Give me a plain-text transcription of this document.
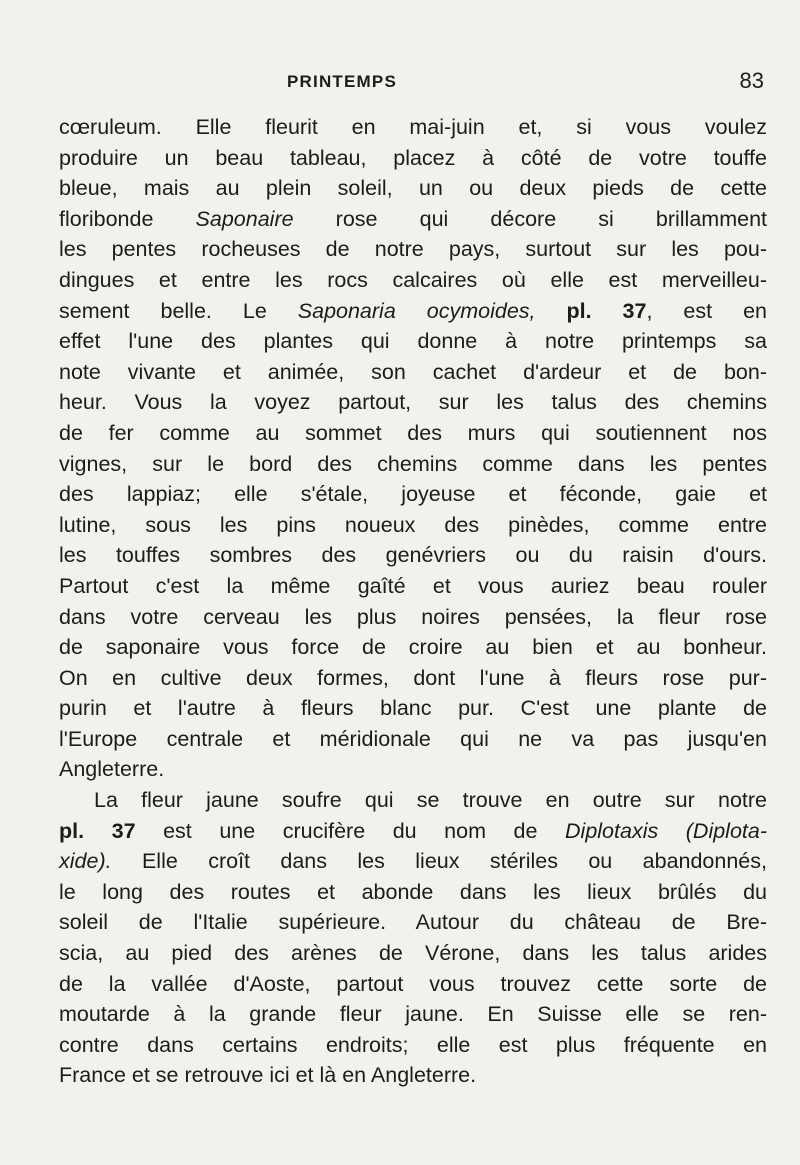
PRINTEMPS	83
cœruleum. Elle fleurit en mai-juin et, si vous voulez
produire un beau tableau, placez à côté de votre touffe
bleue, mais au plein soleil, un ou deux pieds de cette
floribonde Saponaire rose qui décore si brillamment
les pentes rocheuses de notre pays, surtout sur les pou-
dingues et entre les rocs calcaires où elle est merveilleu-
sement belle. Le Saponaria ocymoides, pl. 37, est en
effet l'une des plantes qui donne à notre printemps sa
note vivante et animée, son cachet d'ardeur et de bon-
heur. Vous la voyez partout, sur les talus des chemins
de fer comme au sommet des murs qui soutiennent nos
vignes, sur le bord des chemins comme dans les pentes
des lappiaz; elle s'étale, joyeuse et féconde, gaie et
lutine, sous les pins noueux des pinèdes, comme entre
les touffes sombres des genévriers ou du raisin d'ours.
Partout c'est la même gaîté et vous auriez beau rouler
dans votre cerveau les plus noires pensées, la fleur rose
de saponaire vous force de croire au bien et au bonheur.
On en cultive deux formes, dont l'une à fleurs rose pur-
purin et l'autre à fleurs blanc pur. C'est une plante de
l'Europe centrale et méridionale qui ne va pas jusqu'en
Angleterre.
La fleur jaune soufre qui se trouve en outre sur notre
pl. 37 est une crucifère du nom de Diplotaxis (Diplota-
xide). Elle croît dans les lieux stériles ou abandonnés,
le long des routes et abonde dans les lieux brûlés du
soleil de l'Italie supérieure. Autour du château de Bre-
scia, au pied des arènes de Vérone, dans les talus arides
de la vallée d'Aoste, partout vous trouvez cette sorte de
moutarde à la grande fleur jaune. En Suisse elle se ren-
contre dans certains endroits; elle est plus fréquente en
France et se retrouve ici et là en Angleterre.
